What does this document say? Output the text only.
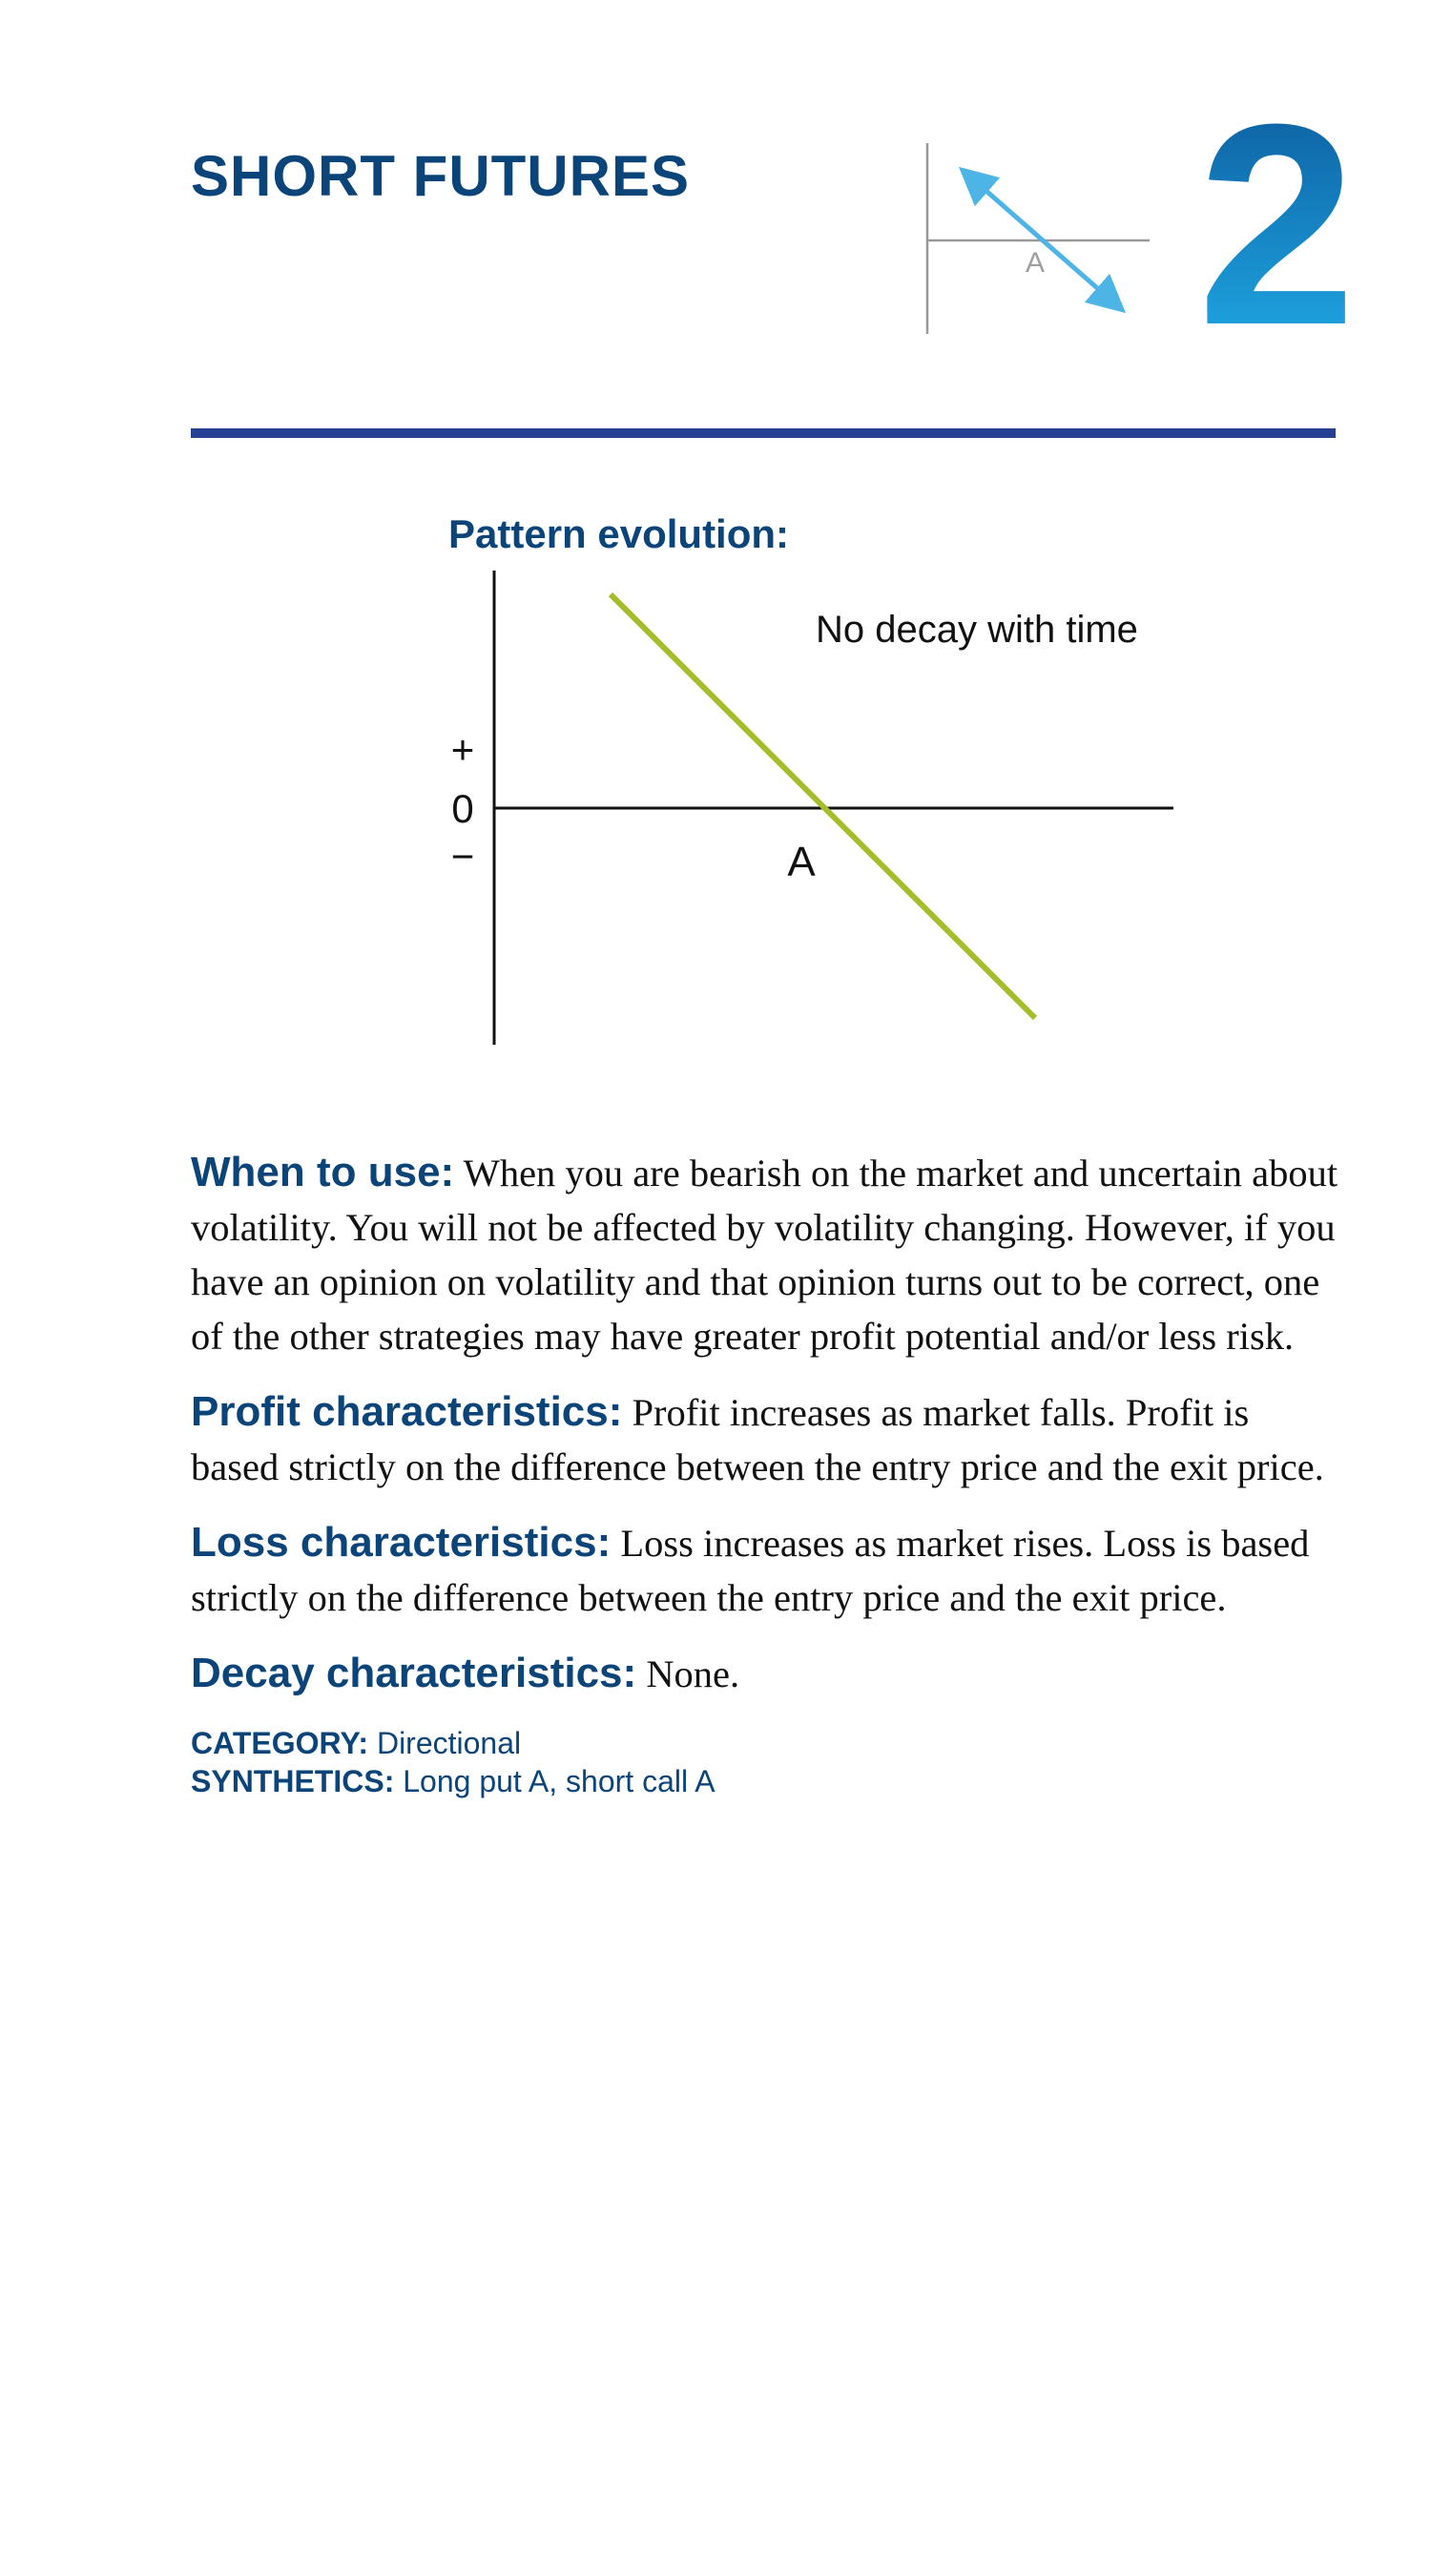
SHORT FUTURES
A 2

Pattern evolution:

+
0
−	A
No decay with time

When to use: When you are bearish on the market and uncertain about volatility. You will not be affected by volatility changing. However, if you have an opinion on volatility and that opinion turns out to be correct, one of the other strategies may have greater profit potential and/or less risk.

Profit characteristics: Profit increases as market falls. Profit is based strictly on the difference between the entry price and the exit price.

Loss characteristics: Loss increases as market rises. Loss is based strictly on the difference between the entry price and the exit price.

Decay characteristics: None.

CATEGORY: Directional
SYNTHETICS: Long put A, short call A
